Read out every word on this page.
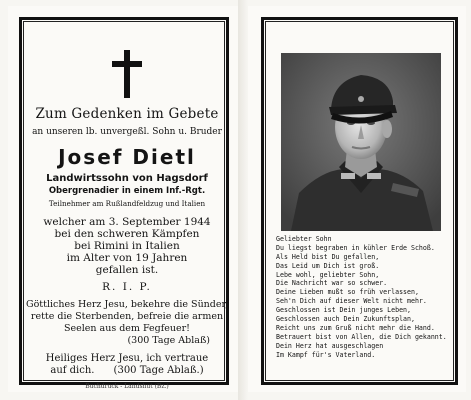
Zum Gedenken im Gebete
an unseren lb. unvergeßl. Sohn u. Bruder
Josef Dietl
Landwirtssohn von Hagsdorf
Obergrenadier in einem Inf.-Rgt.
Teilnehmer am Rußlandfeldzug und Italien
welcher am 3. September 1944
bei den schweren Kämpfen
bei Rimini in Italien
im Alter von 19 Jahren
gefallen ist.
R. I. P.
Göttliches Herz Jesu, bekehre die Sünder,
rette die Sterbenden, befreie die armen
Seelen aus dem Fegfeuer!
(300 Tage Ablaß)
Heiliges Herz Jesu, ich vertraue
auf dich.      (300 Tage Ablaß.)
Buchdruck - Landshut (Bz.)
Geliebter Sohn
Du liegst begraben in kühler Erde Schoß.
Als Held bist Du gefallen,
Das Leid um Dich ist groß.
Lebe wohl, geliebter Sohn,
Die Nachricht war so schwer.
Deine Lieben mußt so früh verlassen,
Seh'n Dich auf dieser Welt nicht mehr.
Geschlossen ist Dein junges Leben,
Geschlossen auch Dein Zukunftsplan,
Reicht uns zum Gruß nicht mehr die Hand.
Betrauert bist von Allen, die Dich gekannt.
Dein Herz hat ausgeschlagen
Im Kampf für's Vaterland.
